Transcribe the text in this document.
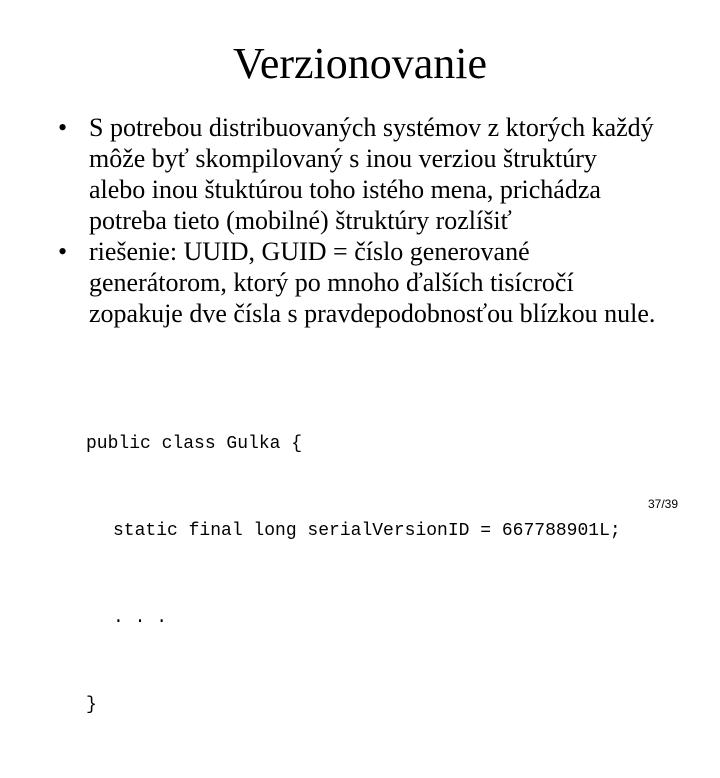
Verzionovanie
• S potrebou distribuovaných systémov z ktorých každý môže byť skompilovaný s inou verziou štruktúry alebo inou štuktúrou toho istého mena, prichádza potreba tieto (mobilné) štruktúry rozlíšiť
• riešenie: UUID, GUID = číslo generované generátorom, ktorý po mnoho ďalších tisícročí zopakuje dve čísla s pravdepodobnosťou blízkou nule.

public class Gulka {

static final long serialVersionID = 667788901L;

. . .

}

37/39
